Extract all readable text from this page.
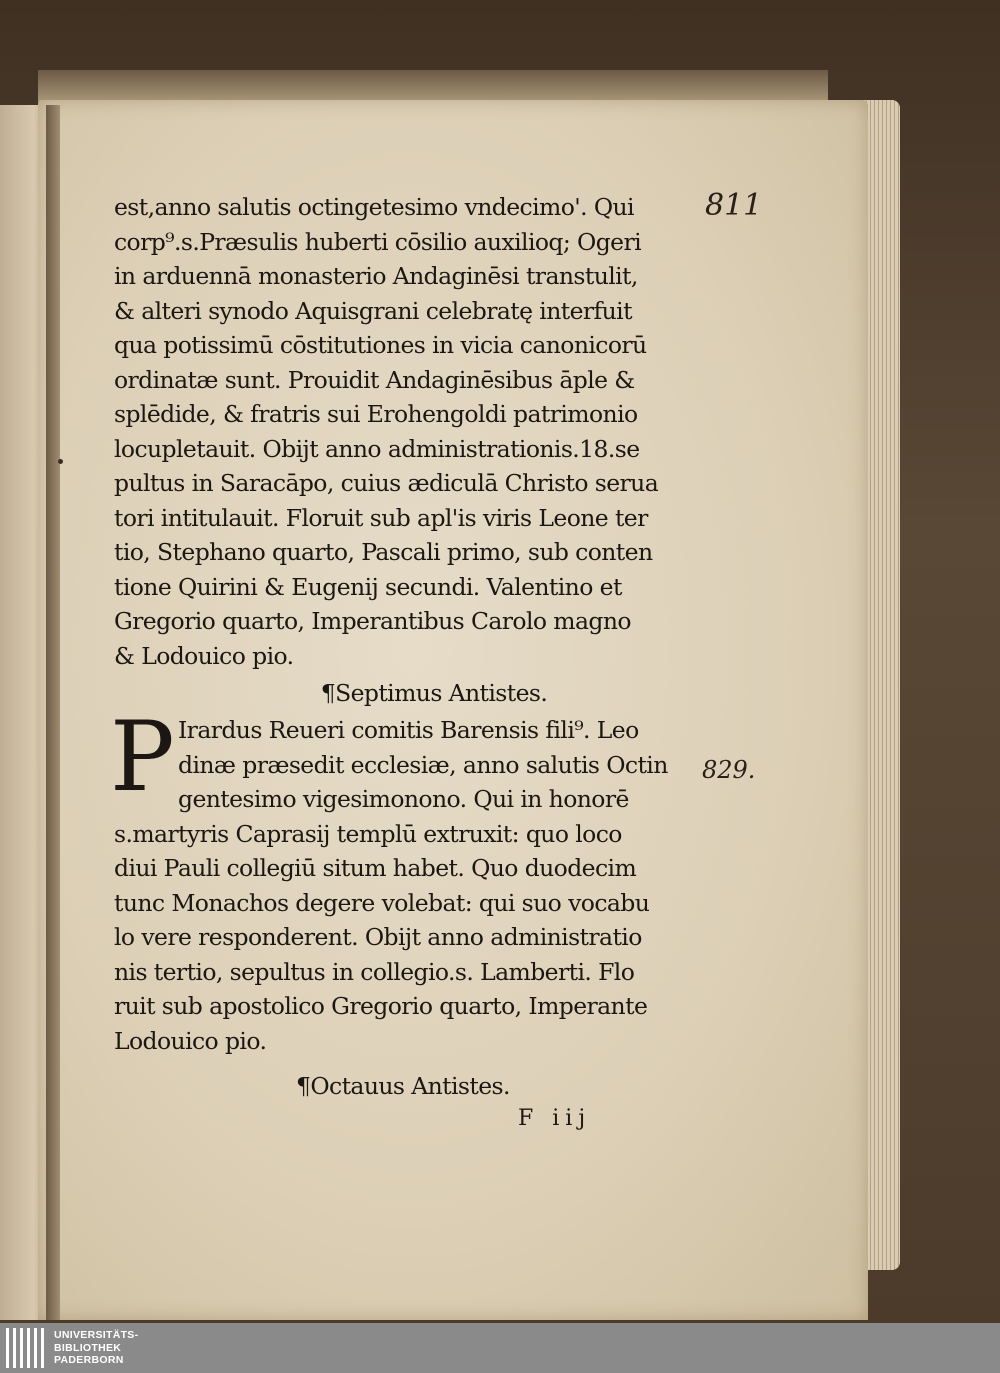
est,anno salutis octingetesimo vndecimo'. Qui
corp⁹.s.Præsulis huberti cōsilio auxilioq; Ogeri
in arduennā monasterio Andaginēsi transtulit,
& alteri synodo Aquisgrani celebratę interfuit
qua potissimū cōstitutiones in vicia canonicorū
ordinatæ sunt. Prouidit Andaginēsibus āple &
splēdide, & fratris sui Erohengoldi patrimonio
locupletauit. Obijt anno administrationis.18.se
pultus in Saracāpo, cuius ædiculā Christo serua
tori intitulauit. Floruit sub apl'is viris Leone ter
tio, Stephano quarto, Pascali primo, sub conten
tione Quirini & Eugenij secundi. Valentino et
Gregorio quarto, Imperantibus Carolo magno
& Lodouico pio.
¶Septimus Antistes.
P Irardus Reueri comitis Barensis fili⁹. Leo
dinæ præsedit ecclesiæ, anno salutis Octin
gentesimo vigesimonono. Qui in honorē
s.martyris Caprasij templū extruxit: quo loco
diui Pauli collegiū situm habet. Quo duodecim
tunc Monachos degere volebat: qui suo vocabu
lo vere responderent. Obijt anno administratio
nis tertio, sepultus in collegio.s. Lamberti. Flo
ruit sub apostolico Gregorio quarto, Imperante
Lodouico pio.
¶Octauus Antistes.
F iij
811
829.
UNIVERSITÄTS-
BIBLIOTHEK
PADERBORN
